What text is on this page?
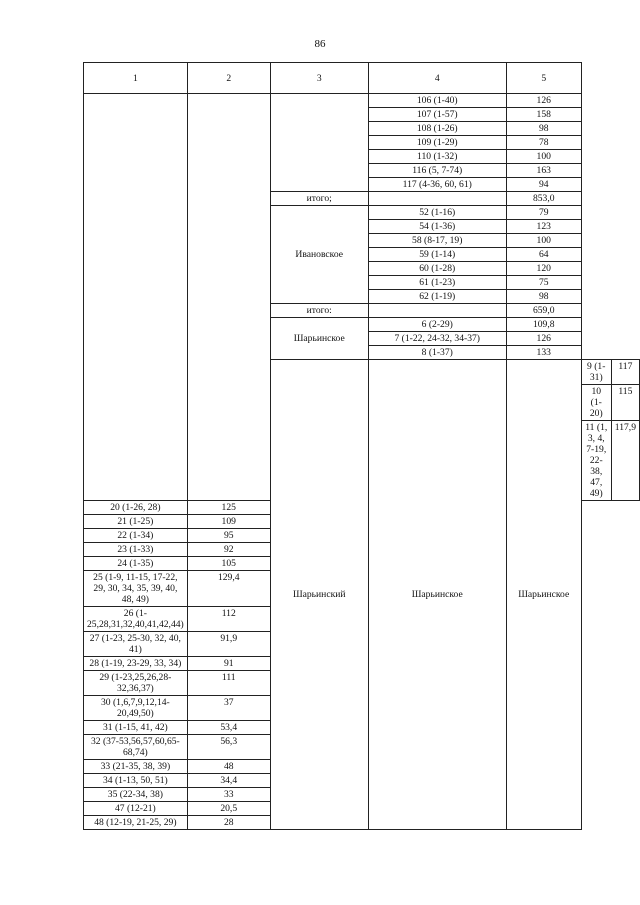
86
1	2	3	4	5		
			106 (1-40)	126		
			107 (1-57)	158		
			108 (1-26)	98		
			109 (1-29)	78		
			110 (1-32)	100		
			116 (5, 7-74)	163		
			117 (4-36, 60, 61)	94		
		итого;		853,0		
		Ивановское	52 (1-16)	79		
			54 (1-36)	123		
			58 (8-17, 19)	100		
			59 (1-14)	64		
			60 (1-28)	120		
			61 (1-23)	75		
			62 (1-19)	98		
		итого:		659,0		
		Шарьинское	6 (2-29)	109,8		
			7 (1-22, 24-32, 34-37)	126		
			8 (1-37)	133		
		Шарьинский	Шарьинское	Шарьинское	9 (1-31)	117
					10 (1-20)	115
					11 (1, 3, 4, 7-19, 22-38, 47, 49)	117,9
20 (1-26, 28)	125					
21 (1-25)	109					
22 (1-34)	95					
23 (1-33)	92					
24 (1-35)	105					
25 (1-9, 11-15, 17-22, 29, 30, 34, 35, 39, 40, 48, 49)	129,4					
26 (1-25,28,31,32,40,41,42,44)	112					
27 (1-23, 25-30, 32, 40, 41)	91,9					
28 (1-19, 23-29, 33, 34)	91					
29 (1-23,25,26,28-32,36,37)	111					
30 (1,6,7,9,12,14-20,49,50)	37					
31 (1-15, 41, 42)	53,4					
32 (37-53,56,57,60,65-68,74)	56,3					
33 (21-35, 38, 39)	48					
34 (1-13, 50, 51)	34,4					
35 (22-34, 38)	33					
47 (12-21)	20,5					
48 (12-19, 21-25, 29)	28					
